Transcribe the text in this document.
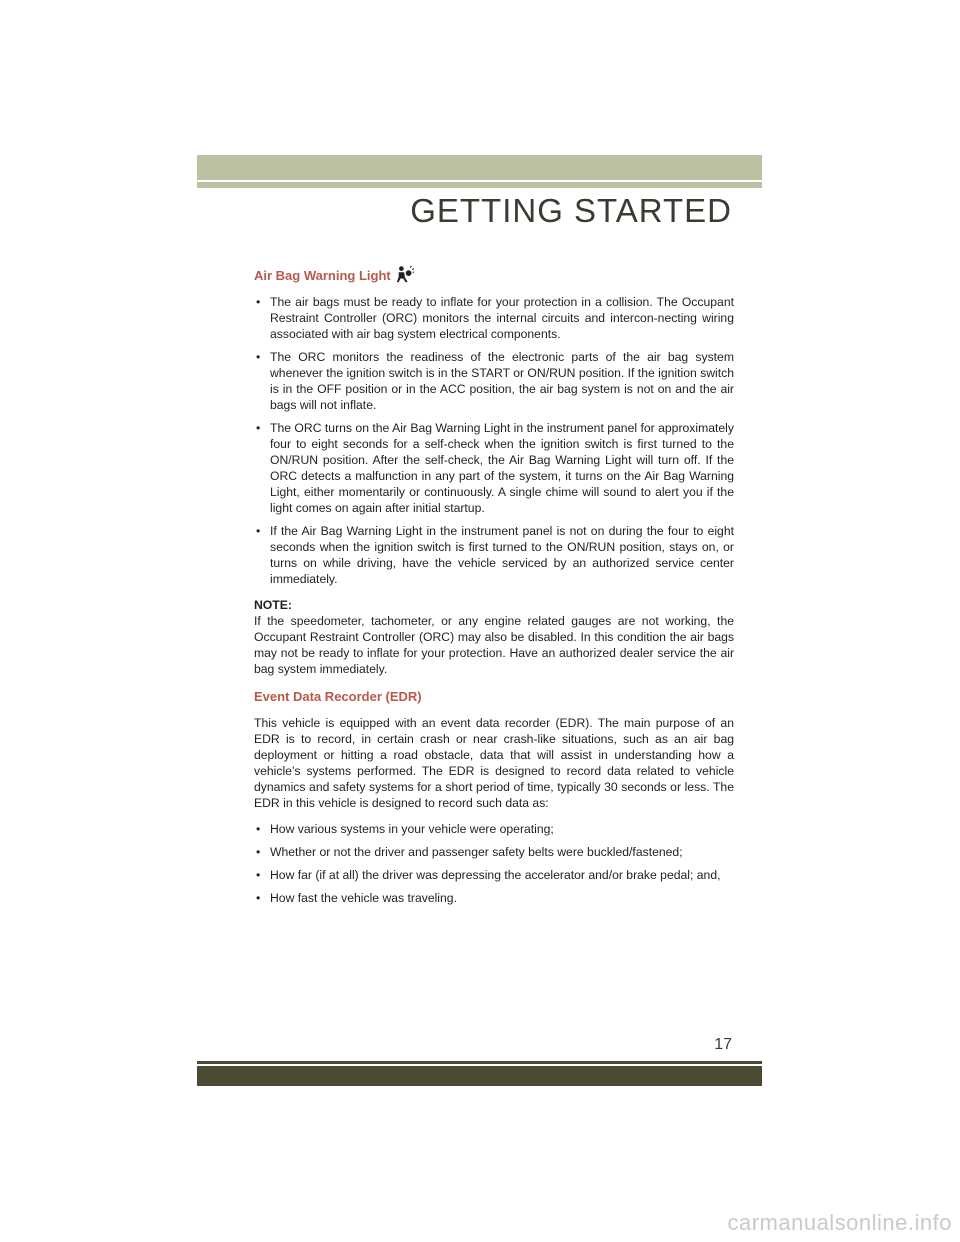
GETTING STARTED
Air Bag Warning Light
• The air bags must be ready to inflate for your protection in a collision. The Occupant Restraint Controller (ORC) monitors the internal circuits and intercon-necting wiring associated with air bag system electrical components.
• The ORC monitors the readiness of the electronic parts of the air bag system whenever the ignition switch is in the START or ON/RUN position. If the ignition switch is in the OFF position or in the ACC position, the air bag system is not on and the air bags will not inflate.
• The ORC turns on the Air Bag Warning Light in the instrument panel for approximately four to eight seconds for a self-check when the ignition switch is first turned to the ON/RUN position. After the self-check, the Air Bag Warning Light will turn off. If the ORC detects a malfunction in any part of the system, it turns on the Air Bag Warning Light, either momentarily or continuously. A single chime will sound to alert you if the light comes on again after initial startup.
• If the Air Bag Warning Light in the instrument panel is not on during the four to eight seconds when the ignition switch is first turned to the ON/RUN position, stays on, or turns on while driving, have the vehicle serviced by an authorized service center immediately.
NOTE:

If the speedometer, tachometer, or any engine related gauges are not working, the Occupant Restraint Controller (ORC) may also be disabled. In this condition the air bags may not be ready to inflate for your protection. Have an authorized dealer service the air bag system immediately.

Event Data Recorder (EDR)

This vehicle is equipped with an event data recorder (EDR). The main purpose of an EDR is to record, in certain crash or near crash-like situations, such as an air bag deployment or hitting a road obstacle, data that will assist in understanding how a vehicle’s systems performed. The EDR is designed to record data related to vehicle dynamics and safety systems for a short period of time, typically 30 seconds or less. The EDR in this vehicle is designed to record such data as:

• How various systems in your vehicle were operating;
• Whether or not the driver and passenger safety belts were buckled/fastened;
• How far (if at all) the driver was depressing the accelerator and/or brake pedal; and,
• How fast the vehicle was traveling.
17
carmanualsonline.info
